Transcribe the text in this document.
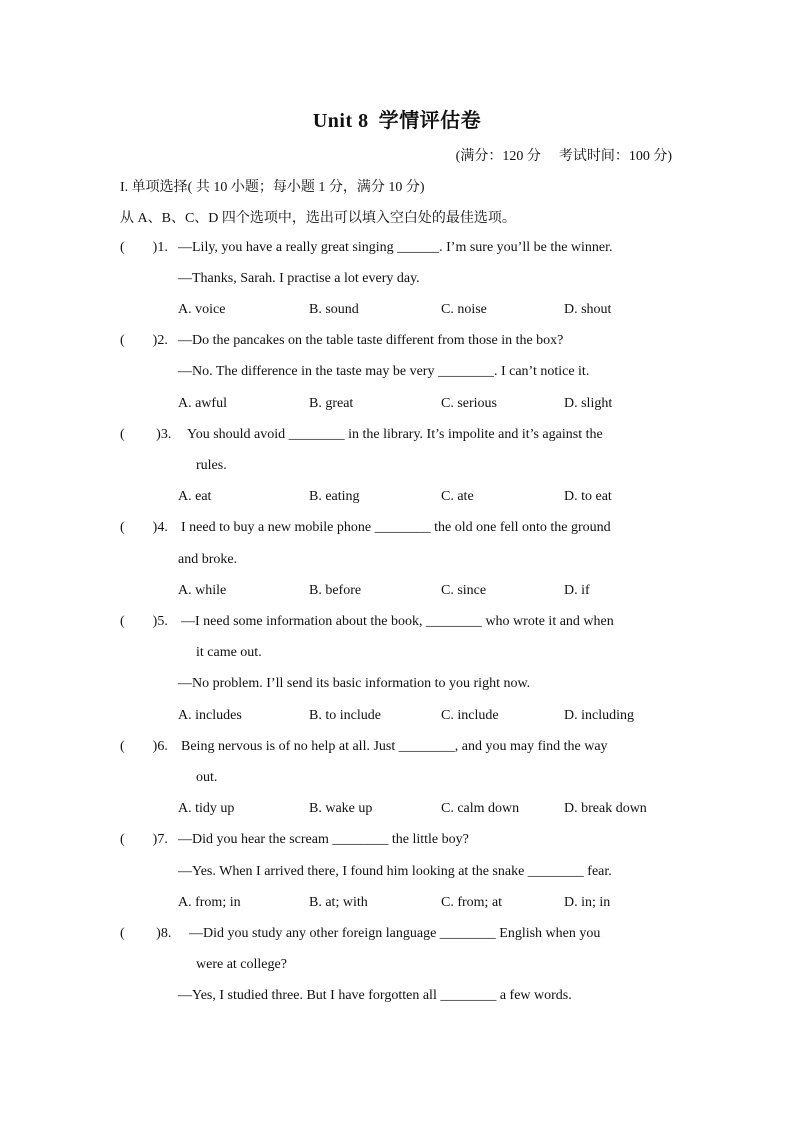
Unit 8 学情评估卷
(满分：120 分 考试时间：100 分)
I. 单项选择( 共 10 小题；每小题 1 分，满分 10 分)
从 A、B、C、D 四个选项中，选出可以填入空白处的最佳选项。
(        )1. —Lily, you have a really great singing ______. I’m sure you’ll be the winner.
—Thanks, Sarah. I practise a lot every day.
A. voice	B. sound	C. noise	D. shout
(        )2. —Do the pancakes on the table taste different from those in the box?
—No. The difference in the taste may be very ________. I can’t notice it.
A. awful	B. great	C. serious	D. slight
(         )3. You should avoid ________ in the library. It’s impolite and it’s against the
rules.
A. eat	B. eating	C. ate	D. to eat
(        )4. I need to buy a new mobile phone ________ the old one fell onto the ground
and broke.
A. while	B. before	C. since	D. if
(        )5. —I need some information about the book, ________ who wrote it and when
it came out.
—No problem. I’ll send its basic information to you right now.
A. includes	B. to include	C. include	D. including
(        )6. Being nervous is of no help at all. Just ________, and you may find the way
out.
A. tidy up	B. wake up	C. calm down	D. break down
(        )7. —Did you hear the scream ________ the little boy?
—Yes. When I arrived there, I found him looking at the snake ________ fear.
A. from; in	B. at; with	C. from; at	D. in; in
(         )8. —Did you study any other foreign language ________ English when you
were at college?
—Yes, I studied three. But I have forgotten all ________ a few words.
